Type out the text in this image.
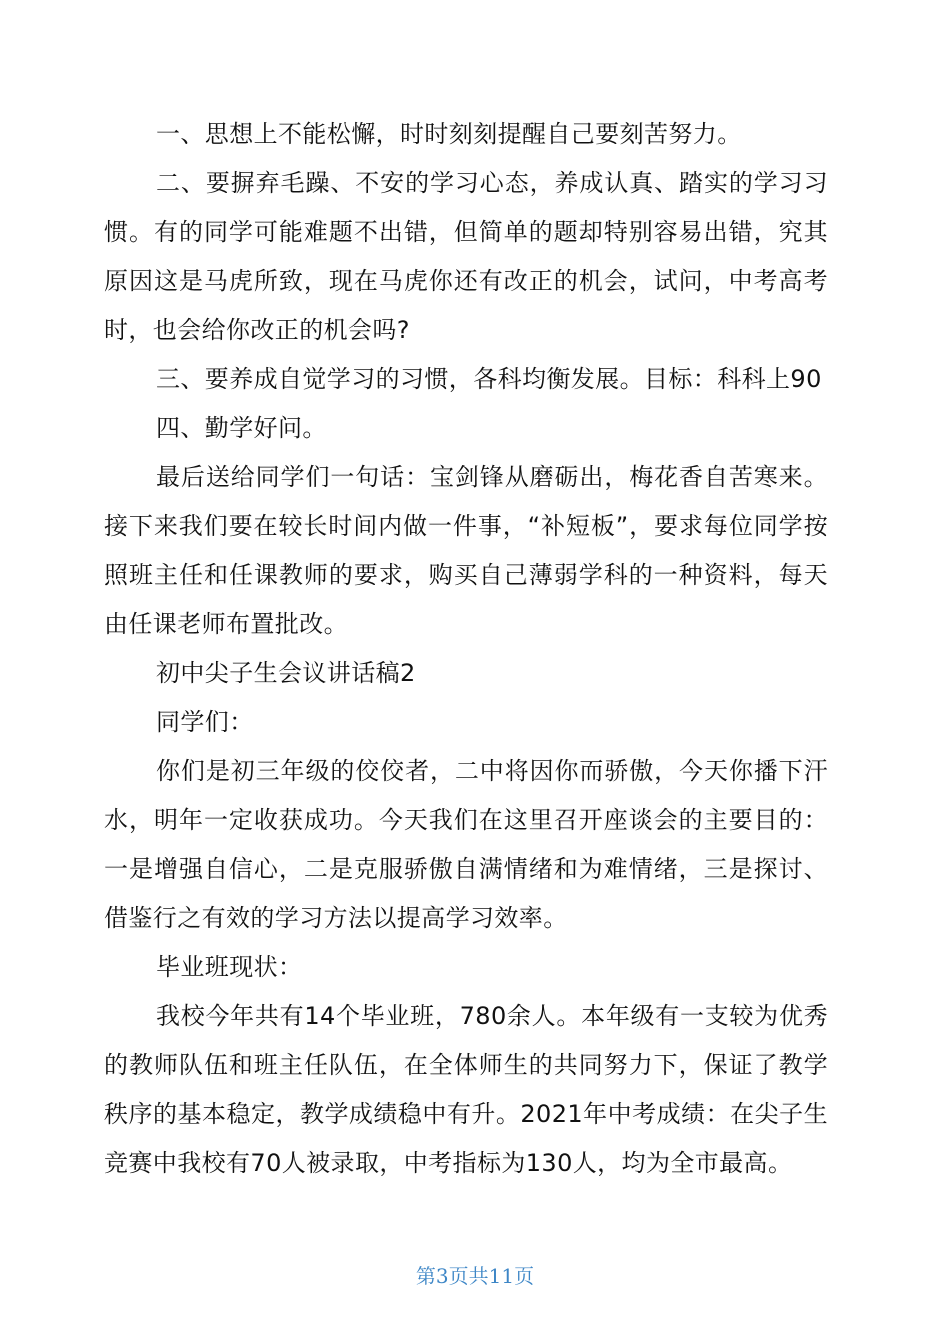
一、思想上不能松懈，时时刻刻提醒自己要刻苦努力。

二、要摒弃毛躁、不安的学习心态，养成认真、踏实的学习习惯。有的同学可能难题不出错，但简单的题却特别容易出错，究其原因这是马虎所致，现在马虎你还有改正的机会，试问，中考高考时，也会给你改正的机会吗?

三、要养成自觉学习的习惯，各科均衡发展。目标：科科上90

四、勤学好问。

最后送给同学们一句话：宝剑锋从磨砺出，梅花香自苦寒来。接下来我们要在较长时间内做一件事，“补短板”，要求每位同学按照班主任和任课教师的要求，购买自己薄弱学科的一种资料，每天由任课老师布置批改。

初中尖子生会议讲话稿2

同学们：

你们是初三年级的佼佼者，二中将因你而骄傲，今天你播下汗水，明年一定收获成功。今天我们在这里召开座谈会的主要目的：一是增强自信心，二是克服骄傲自满情绪和为难情绪，三是探讨、借鉴行之有效的学习方法以提高学习效率。

毕业班现状：

我校今年共有14个毕业班，780余人。本年级有一支较为优秀的教师队伍和班主任队伍，在全体师生的共同努力下，保证了教学秩序的基本稳定，教学成绩稳中有升。2021年中考成绩：在尖子生竞赛中我校有70人被录取，中考指标为130人，均为全市最高。

第3页共11页
